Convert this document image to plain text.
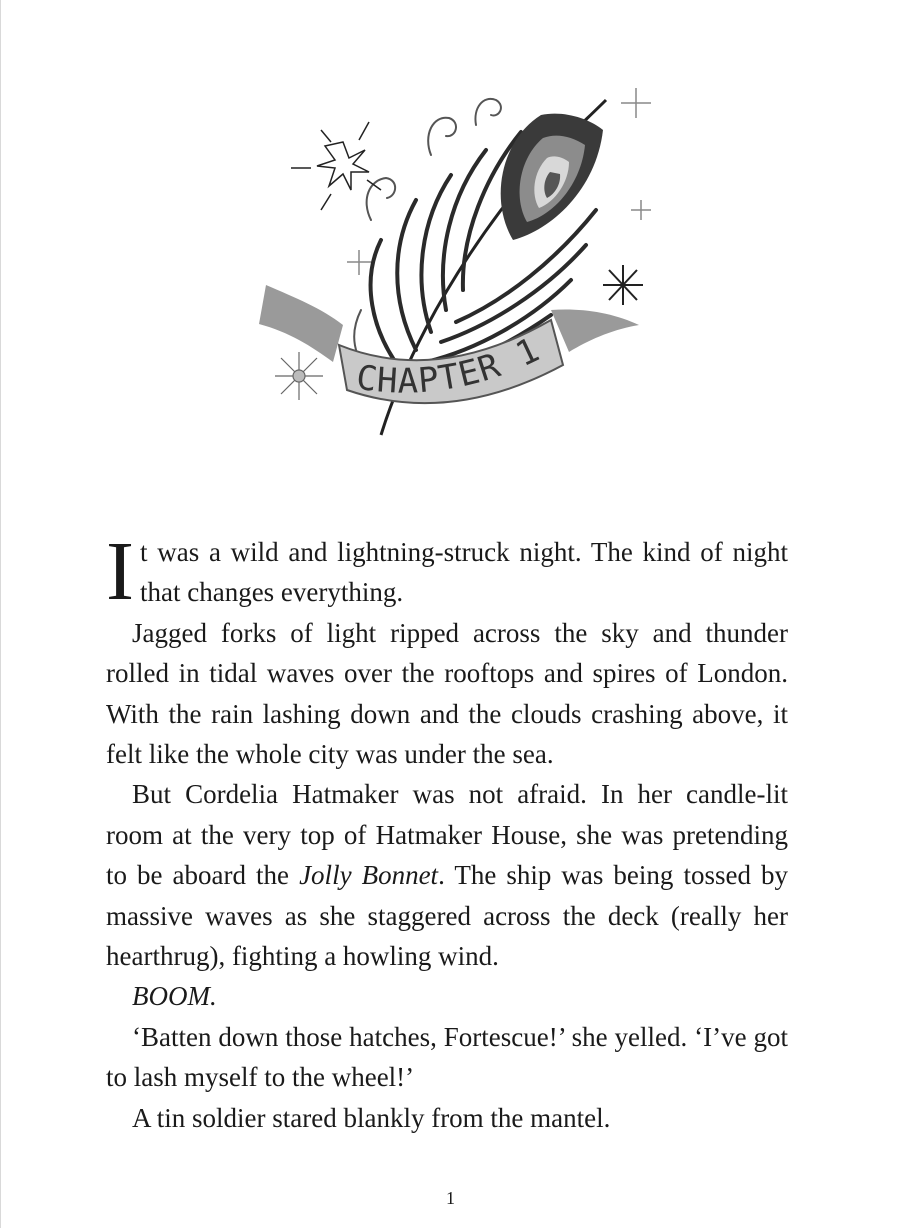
CHAPTER 1

It was a wild and lightning-struck night. The kind of night that changes everything.

Jagged forks of light ripped across the sky and thunder rolled in tidal waves over the rooftops and spires of London. With the rain lashing down and the clouds crashing above, it felt like the whole city was under the sea.

But Cordelia Hatmaker was not afraid. In her candle-lit room at the very top of Hatmaker House, she was pretending to be aboard the Jolly Bonnet. The ship was being tossed by massive waves as she staggered across the deck (really her hearthrug), fighting a howling wind.

BOOM.

‘Batten down those hatches, Fortescue!’ she yelled. ‘I’ve got to lash myself to the wheel!’

A tin soldier stared blankly from the mantel.

1
